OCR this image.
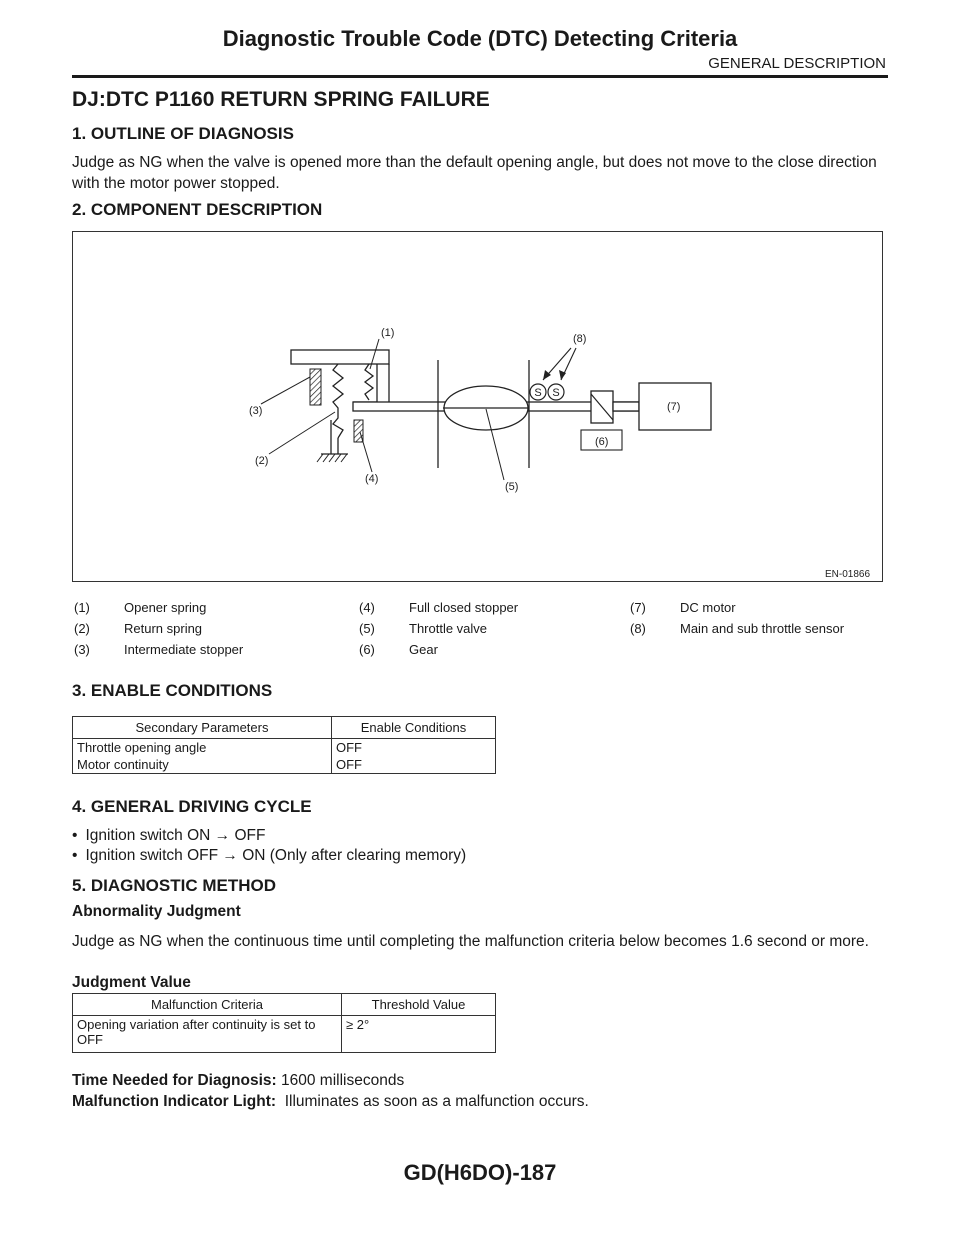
Diagnostic Trouble Code (DTC) Detecting Criteria

GENERAL DESCRIPTION

DJ:DTC P1160 RETURN SPRING FAILURE
1. OUTLINE OF DIAGNOSIS

Judge as NG when the valve is opened more than the default opening angle, but does not move to the close direction with the motor power stopped.

2. COMPONENT DESCRIPTION
S S
(1)
(2)
(3)
(4)
(5)
(6)
(7)
(8)
EN-01866
(1)	Opener spring
(2)	Return spring
(3)	Intermediate stopper
(4)	Full closed stopper
(5)	Throttle valve
(6)	Gear
(7)	DC motor
(8)	Main and sub throttle sensor
3. ENABLE CONDITIONS
Secondary Parameters	Enable Conditions
Throttle opening angle	OFF
Motor continuity	OFF
4. GENERAL DRIVING CYCLE
• Ignition switch ON → OFF
• Ignition switch OFF → ON (Only after clearing memory)
5. DIAGNOSTIC METHOD

Abnormality Judgment

Judge as NG when the continuous time until completing the malfunction criteria below becomes 1.6 second or more.

Judgment Value

Malfunction Criteria	Threshold Value
Opening variation after continuity is set to OFF	≥ 2°

Time Needed for Diagnosis: 1600 milliseconds

Malfunction Indicator Light: Illuminates as soon as a malfunction occurs.

GD(H6DO)-187
